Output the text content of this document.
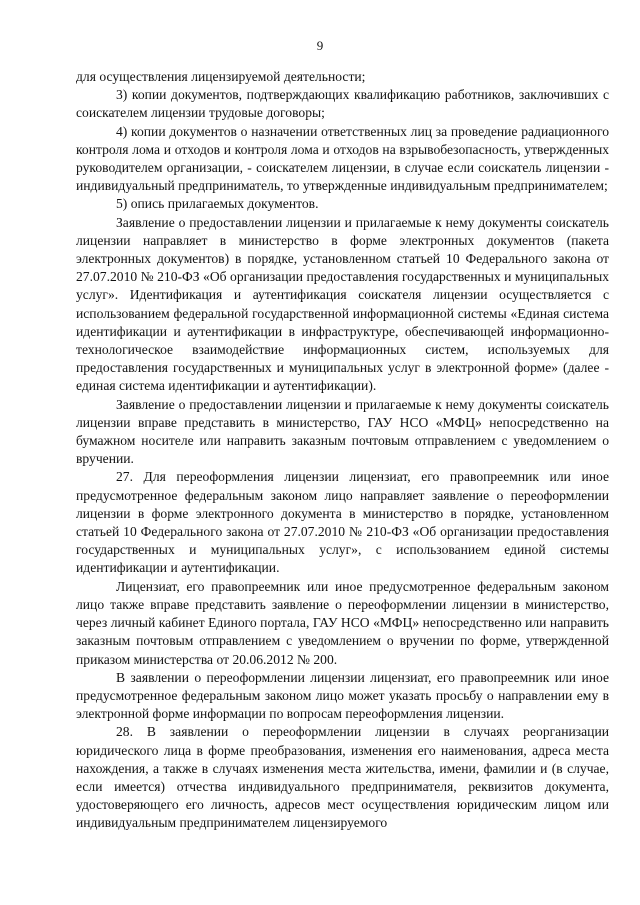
9

для осуществления лицензируемой деятельности;

3) копии документов, подтверждающих квалификацию работников, заключивших с соискателем лицензии трудовые договоры;

4) копии документов о назначении ответственных лиц за проведение радиационного контроля лома и отходов и контроля лома и отходов на взрывобезопасность, утвержденных руководителем организации, - соискателем лицензии, в случае если соискатель лицензии - индивидуальный предприниматель, то утвержденные индивидуальным предпринимателем;

5) опись прилагаемых документов.

Заявление о предоставлении лицензии и прилагаемые к нему документы соискатель лицензии направляет в министерство в форме электронных документов (пакета электронных документов) в порядке, установленном статьей 10 Федерального закона от 27.07.2010 № 210-ФЗ «Об организации предоставления государственных и муниципальных услуг». Идентификация и аутентификация соискателя лицензии осуществляется с использованием федеральной государственной информационной системы «Единая система идентификации и аутентификации в инфраструктуре, обеспечивающей информационно-технологическое взаимодействие информационных систем, используемых для предоставления государственных и муниципальных услуг в электронной форме» (далее - единая система идентификации и аутентификации).

Заявление о предоставлении лицензии и прилагаемые к нему документы соискатель лицензии вправе представить в министерство, ГАУ НСО «МФЦ» непосредственно на бумажном носителе или направить заказным почтовым отправлением с уведомлением о вручении.

27. Для переоформления лицензии лицензиат, его правопреемник или иное предусмотренное федеральным законом лицо направляет заявление о переоформлении лицензии в форме электронного документа в министерство в порядке, установленном статьей 10 Федерального закона от 27.07.2010 № 210-ФЗ «Об организации предоставления государственных и муниципальных услуг», с использованием единой системы идентификации и аутентификации.

Лицензиат, его правопреемник или иное предусмотренное федеральным законом лицо также вправе представить заявление о переоформлении лицензии в министерство, через личный кабинет Единого портала, ГАУ НСО «МФЦ» непосредственно или направить заказным почтовым отправлением с уведомлением о вручении по форме, утвержденной приказом министерства от 20.06.2012 № 200.

В заявлении о переоформлении лицензии лицензиат, его правопреемник или иное предусмотренное федеральным законом лицо может указать просьбу о направлении ему в электронной форме информации по вопросам переоформления лицензии.

28. В заявлении о переоформлении лицензии в случаях реорганизации юридического лица в форме преобразования, изменения его наименования, адреса места нахождения, а также в случаях изменения места жительства, имени, фамилии и (в случае, если имеется) отчества индивидуального предпринимателя, реквизитов документа, удостоверяющего его личность, адресов мест осуществления юридическим лицом или индивидуальным предпринимателем лицензируемого
